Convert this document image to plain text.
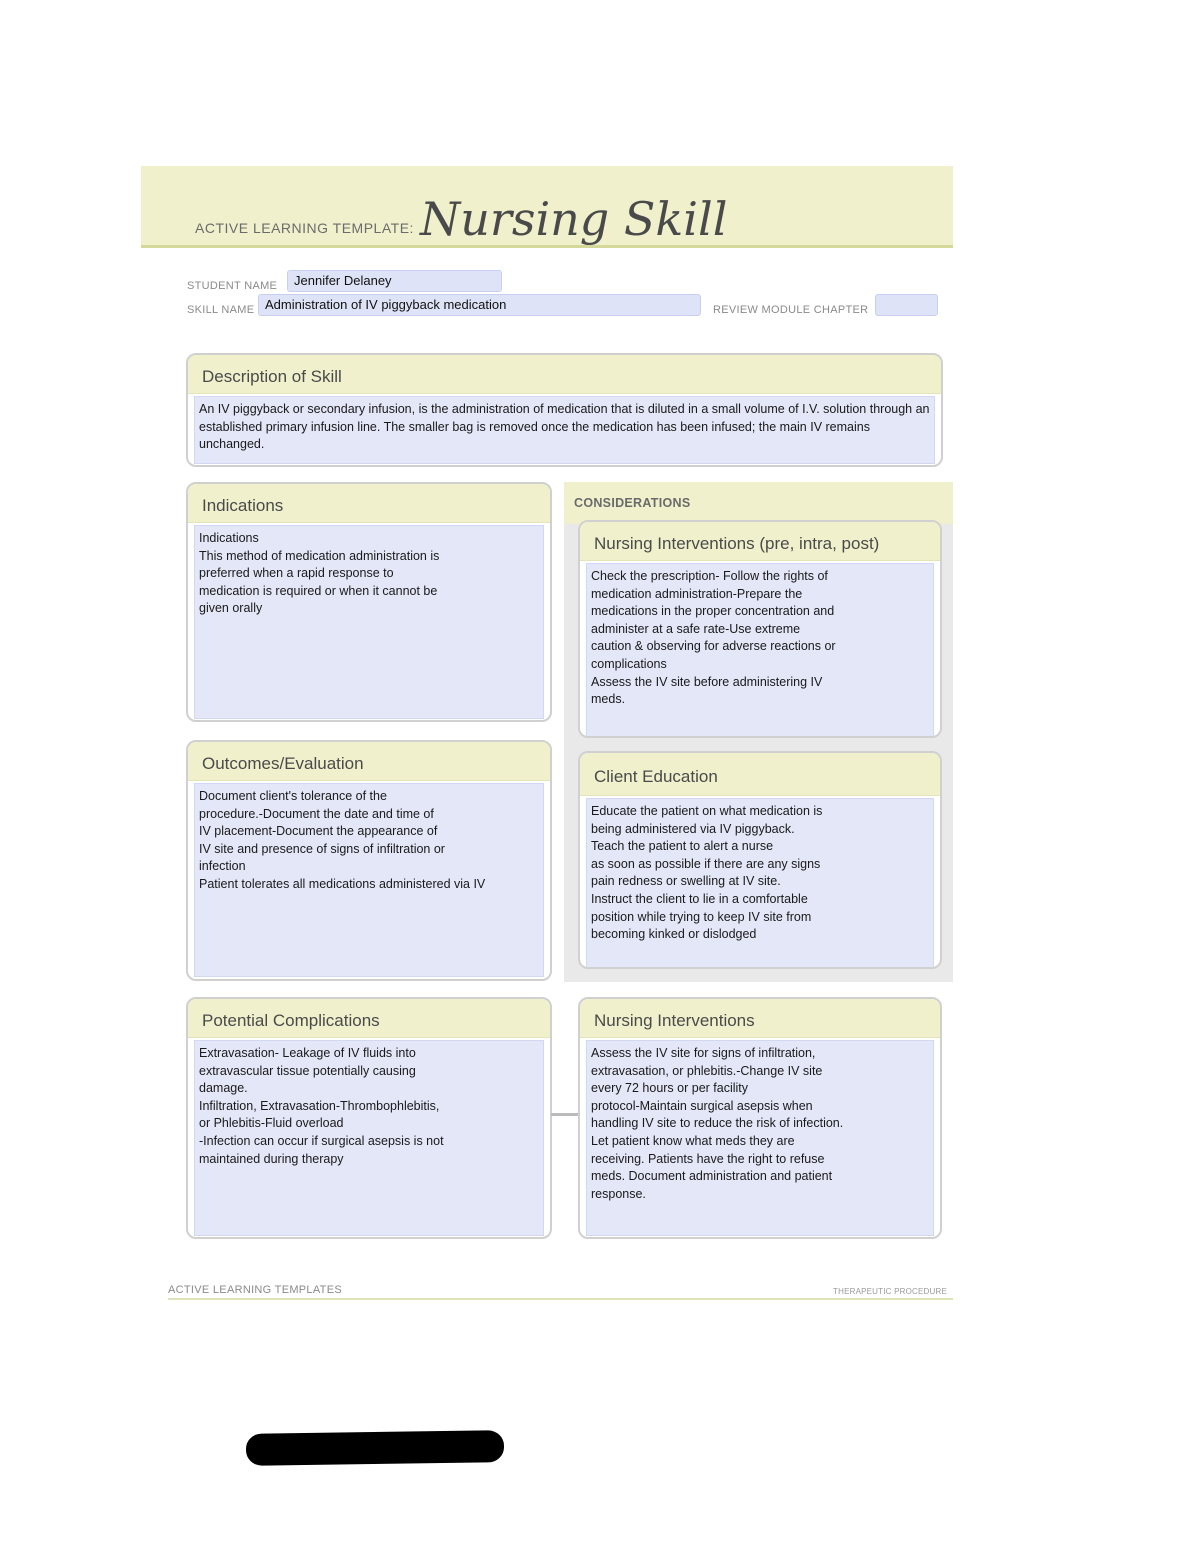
ACTIVE LEARNING TEMPLATE: Nursing Skill
STUDENT NAME	Jennifer Delaney
SKILL NAME Administration of IV piggyback medication	REVIEW MODULE CHAPTER
Description of Skill
An IV piggyback or secondary infusion, is the administration of medication that is diluted in a small volume of I.V. solution through an established primary infusion line. The smaller bag is removed once the medication has been infused; the main IV remains unchanged.
Indications
Indications
This method of medication administration is
preferred when a rapid response to
medication is required or when it cannot be
given orally
Outcomes/Evaluation
Document client's tolerance of the
procedure.-Document the date and time of
IV placement-Document the appearance of
IV site and presence of signs of infiltration or
infection
Patient tolerates all medications administered via IV
CONSIDERATIONS
Nursing Interventions (pre, intra, post)
Check the prescription- Follow the rights of
medication administration-Prepare the
medications in the proper concentration and
administer at a safe rate-Use extreme
caution & observing for adverse reactions or
complications
Assess the IV site before administering IV
meds.
Client Education
Educate the patient on what medication is
being administered via IV piggyback.
Teach the patient to alert a nurse
as soon as possible if there are any signs
pain redness or swelling at IV site.
Instruct the client to lie in a comfortable
position while trying to keep IV site from
becoming kinked or dislodged
Potential Complications
Extravasation- Leakage of IV fluids into
extravascular tissue potentially causing
damage.
Infiltration, Extravasation-Thrombophlebitis,
or Phlebitis-Fluid overload
-Infection can occur if surgical asepsis is not
maintained during therapy
Nursing Interventions
Assess the IV site for signs of infiltration,
extravasation, or phlebitis.-Change IV site
every 72 hours or per facility
protocol-Maintain surgical asepsis when
handling IV site to reduce the risk of infection.
Let patient know what meds they are
receiving. Patients have the right to refuse
meds. Document administration and patient
response.
ACTIVE LEARNING TEMPLATES	THERAPEUTIC PROCEDURE
